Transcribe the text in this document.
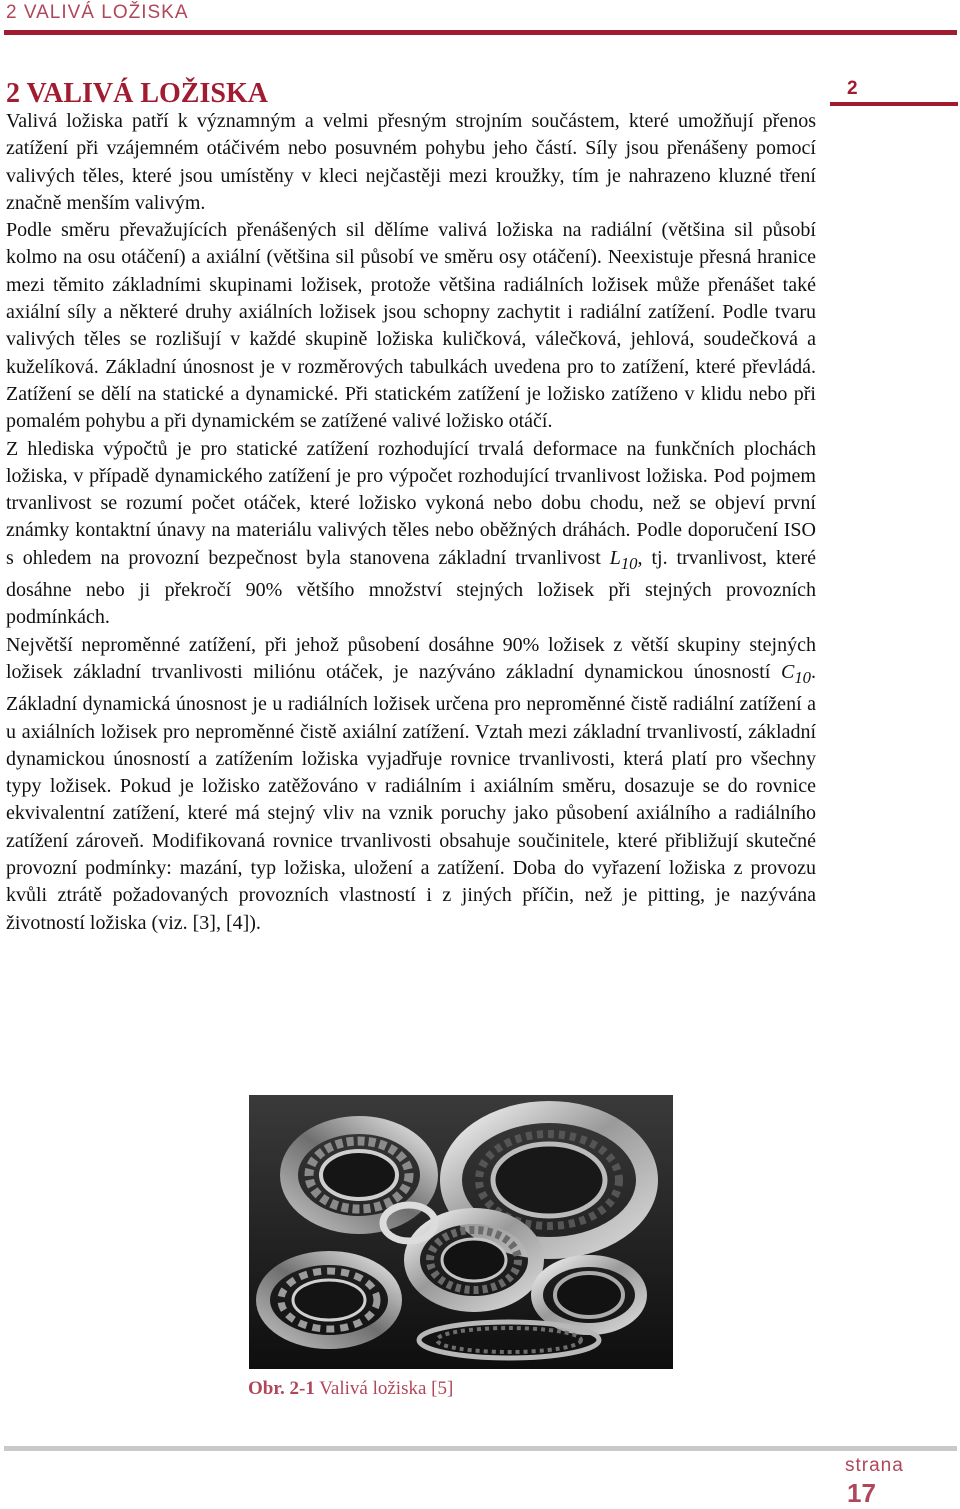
2 VALIVÁ LOŽISKA
2
2 VALIVÁ LOŽISKA

Valivá ložiska patří k významným a velmi přesným strojním součástem, které umožňují přenos zatížení při vzájemném otáčivém nebo posuvném pohybu jeho částí. Síly jsou přenášeny pomocí valivých těles, které jsou umístěny v kleci nejčastěji mezi kroužky, tím je nahrazeno kluzné tření značně menším valivým.

Podle směru převažujících přenášených sil dělíme valivá ložiska na radiální (většina sil působí kolmo na osu otáčení) a axiální (většina sil působí ve směru osy otáčení). Neexistuje přesná hranice mezi těmito základními skupinami ložisek, protože většina radiálních ložisek může přenášet také axiální síly a některé druhy axiálních ložisek jsou schopny zachytit i radiální zatížení. Podle tvaru valivých těles se rozlišují v každé skupině ložiska kuličková, válečková, jehlová, soudečková a kuželíková. Základní únosnost je v rozměrových tabulkách uvedena pro to zatížení, které převládá. Zatížení se dělí na statické a dynamické. Při statickém zatížení je ložisko zatíženo v klidu nebo při pomalém pohybu a při dynamickém se zatížené valivé ložisko otáčí.

Z hlediska výpočtů je pro statické zatížení rozhodující trvalá deformace na funkčních plochách ložiska, v případě dynamického zatížení je pro výpočet rozhodující trvanlivost ložiska. Pod pojmem trvanlivost se rozumí počet otáček, které ložisko vykoná nebo dobu chodu, než se objeví první známky kontaktní únavy na materiálu valivých těles nebo oběžných dráhách. Podle doporučení ISO s ohledem na provozní bezpečnost byla stanovena základní trvanlivost $L_{10}$, tj. trvanlivost, které dosáhne nebo ji překročí 90% většího množství stejných ložisek při stejných provozních podmínkách.

Největší neproměnné zatížení, při jehož působení dosáhne 90% ložisek z větší skupiny stejných ložisek základní trvanlivosti miliónu otáček, je nazýváno základní dynamickou únosností $C_{10}$. Základní dynamická únosnost je u radiálních ložisek určena pro neproměnné čistě radiální zatížení a u axiálních ložisek pro neproměnné čistě axiální zatížení. Vztah mezi základní trvanlivostí, základní dynamickou únosností a zatížením ložiska vyjadřuje rovnice trvanlivosti, která platí pro všechny typy ložisek. Pokud je ložisko zatěžováno v radiálním i axiálním směru, dosazuje se do rovnice ekvivalentní zatížení, které má stejný vliv na vznik poruchy jako působení axiálního a radiálního zatížení zároveň. Modifikovaná rovnice trvanlivosti obsahuje součinitele, které přibližují skutečné provozní podmínky: mazání, typ ložiska, uložení a zatížení. Doba do vyřazení ložiska z provozu kvůli ztrátě požadovaných provozních vlastností i z jiných příčin, než je pitting, je nazývána životností ložiska (viz. [3], [4]).

Obr. 2-1 Valivá ložiska [5]
strana
17
